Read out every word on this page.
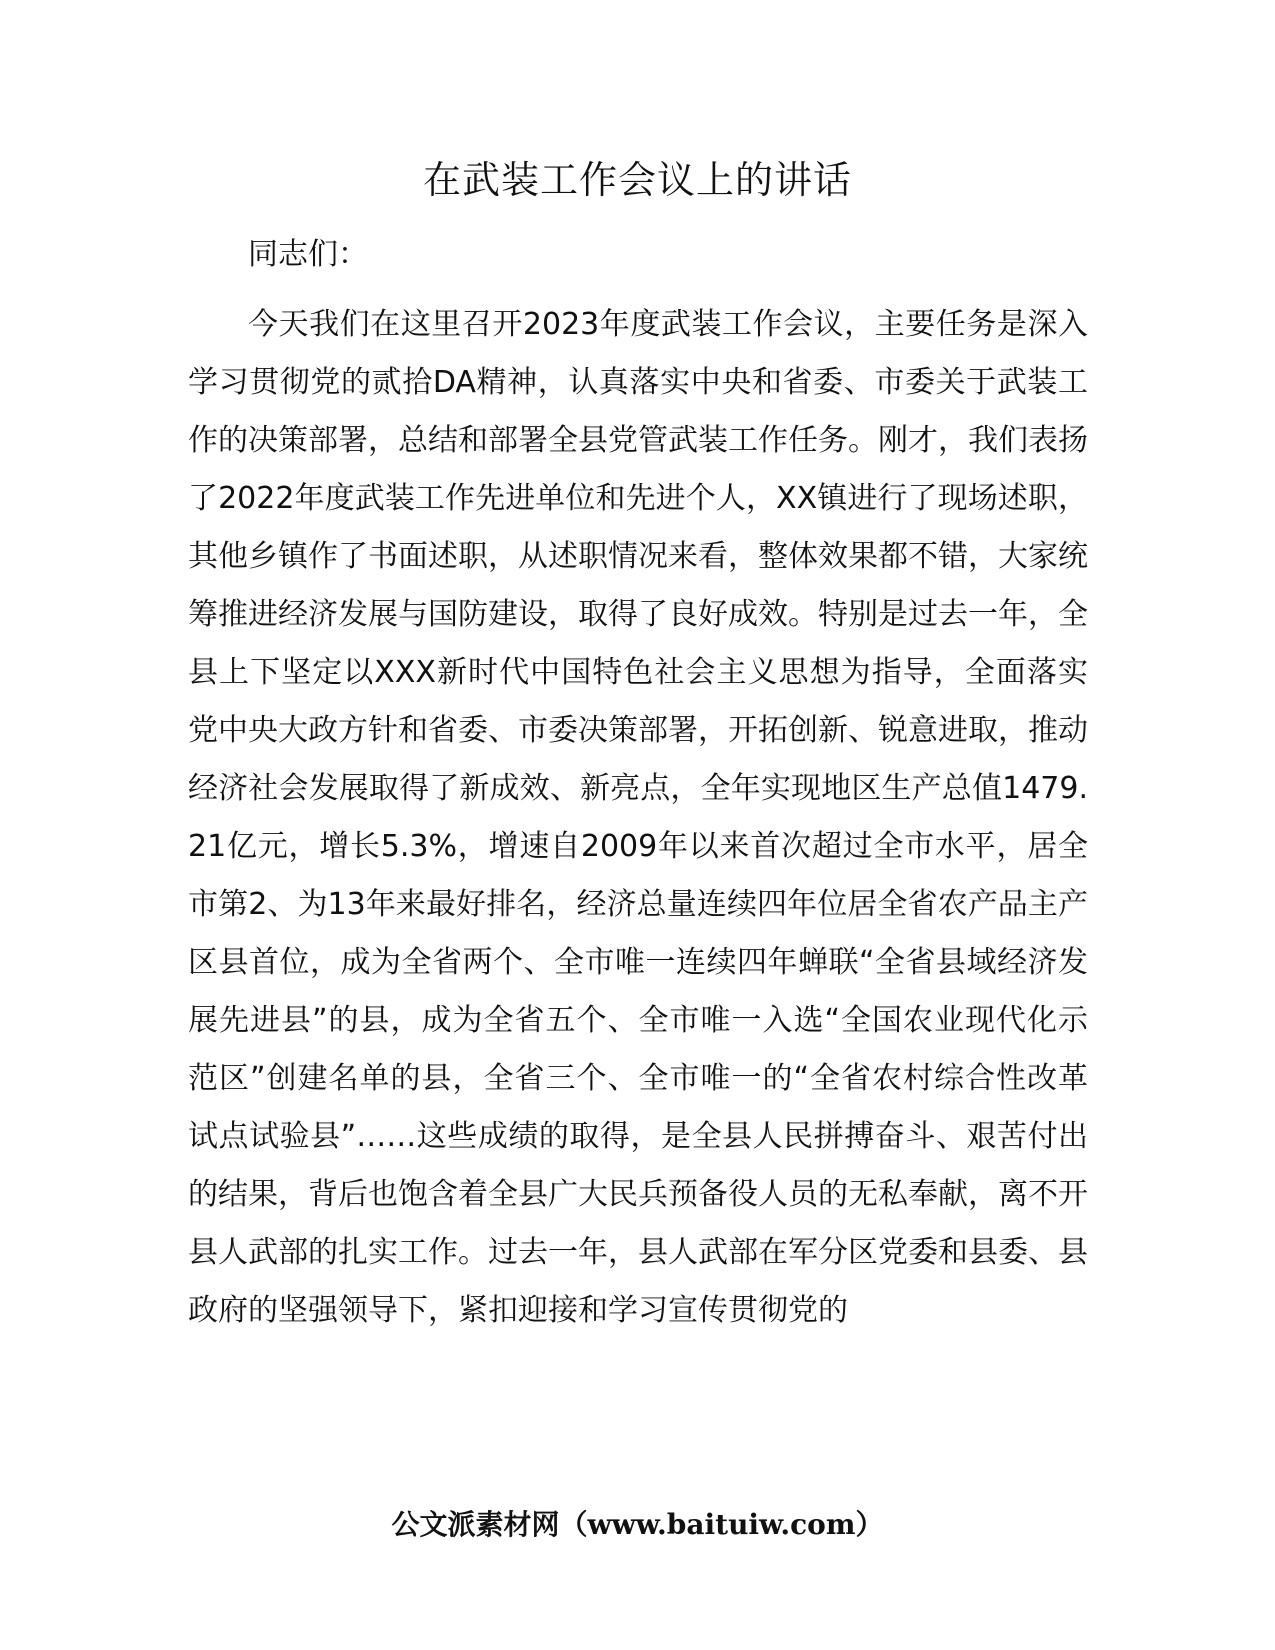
在武装工作会议上的讲话

同志们：

今天我们在这里召开2023年度武装工作会议，主要任务是深入学习贯彻党的贰拾DA精神，认真落实中央和省委、市委关于武装工作的决策部署，总结和部署全县党管武装工作任务。刚才，我们表扬了2022年度武装工作先进单位和先进个人，XX镇进行了现场述职，其他乡镇作了书面述职，从述职情况来看，整体效果都不错，大家统筹推进经济发展与国防建设，取得了良好成效。特别是过去一年，全县上下坚定以XXX新时代中国特色社会主义思想为指导，全面落实党中央大政方针和省委、市委决策部署，开拓创新、锐意进取，推动经济社会发展取得了新成效、新亮点，全年实现地区生产总值1479.21亿元，增长5.3%，增速自2009年以来首次超过全市水平，居全市第2、为13年来最好排名，经济总量连续四年位居全省农产品主产区县首位，成为全省两个、全市唯一连续四年蝉联“全省县域经济发展先进县”的县，成为全省五个、全市唯一入选“全国农业现代化示范区”创建名单的县，全省三个、全市唯一的“全省农村综合性改革试点试验县”……这些成绩的取得，是全县人民拼搏奋斗、艰苦付出的结果，背后也饱含着全县广大民兵预备役人员的无私奉献，离不开县人武部的扎实工作。过去一年，县人武部在军分区党委和县委、县政府的坚强领导下，紧扣迎接和学习宣传贯彻党的

公文派素材网（www.baituiw.com）
